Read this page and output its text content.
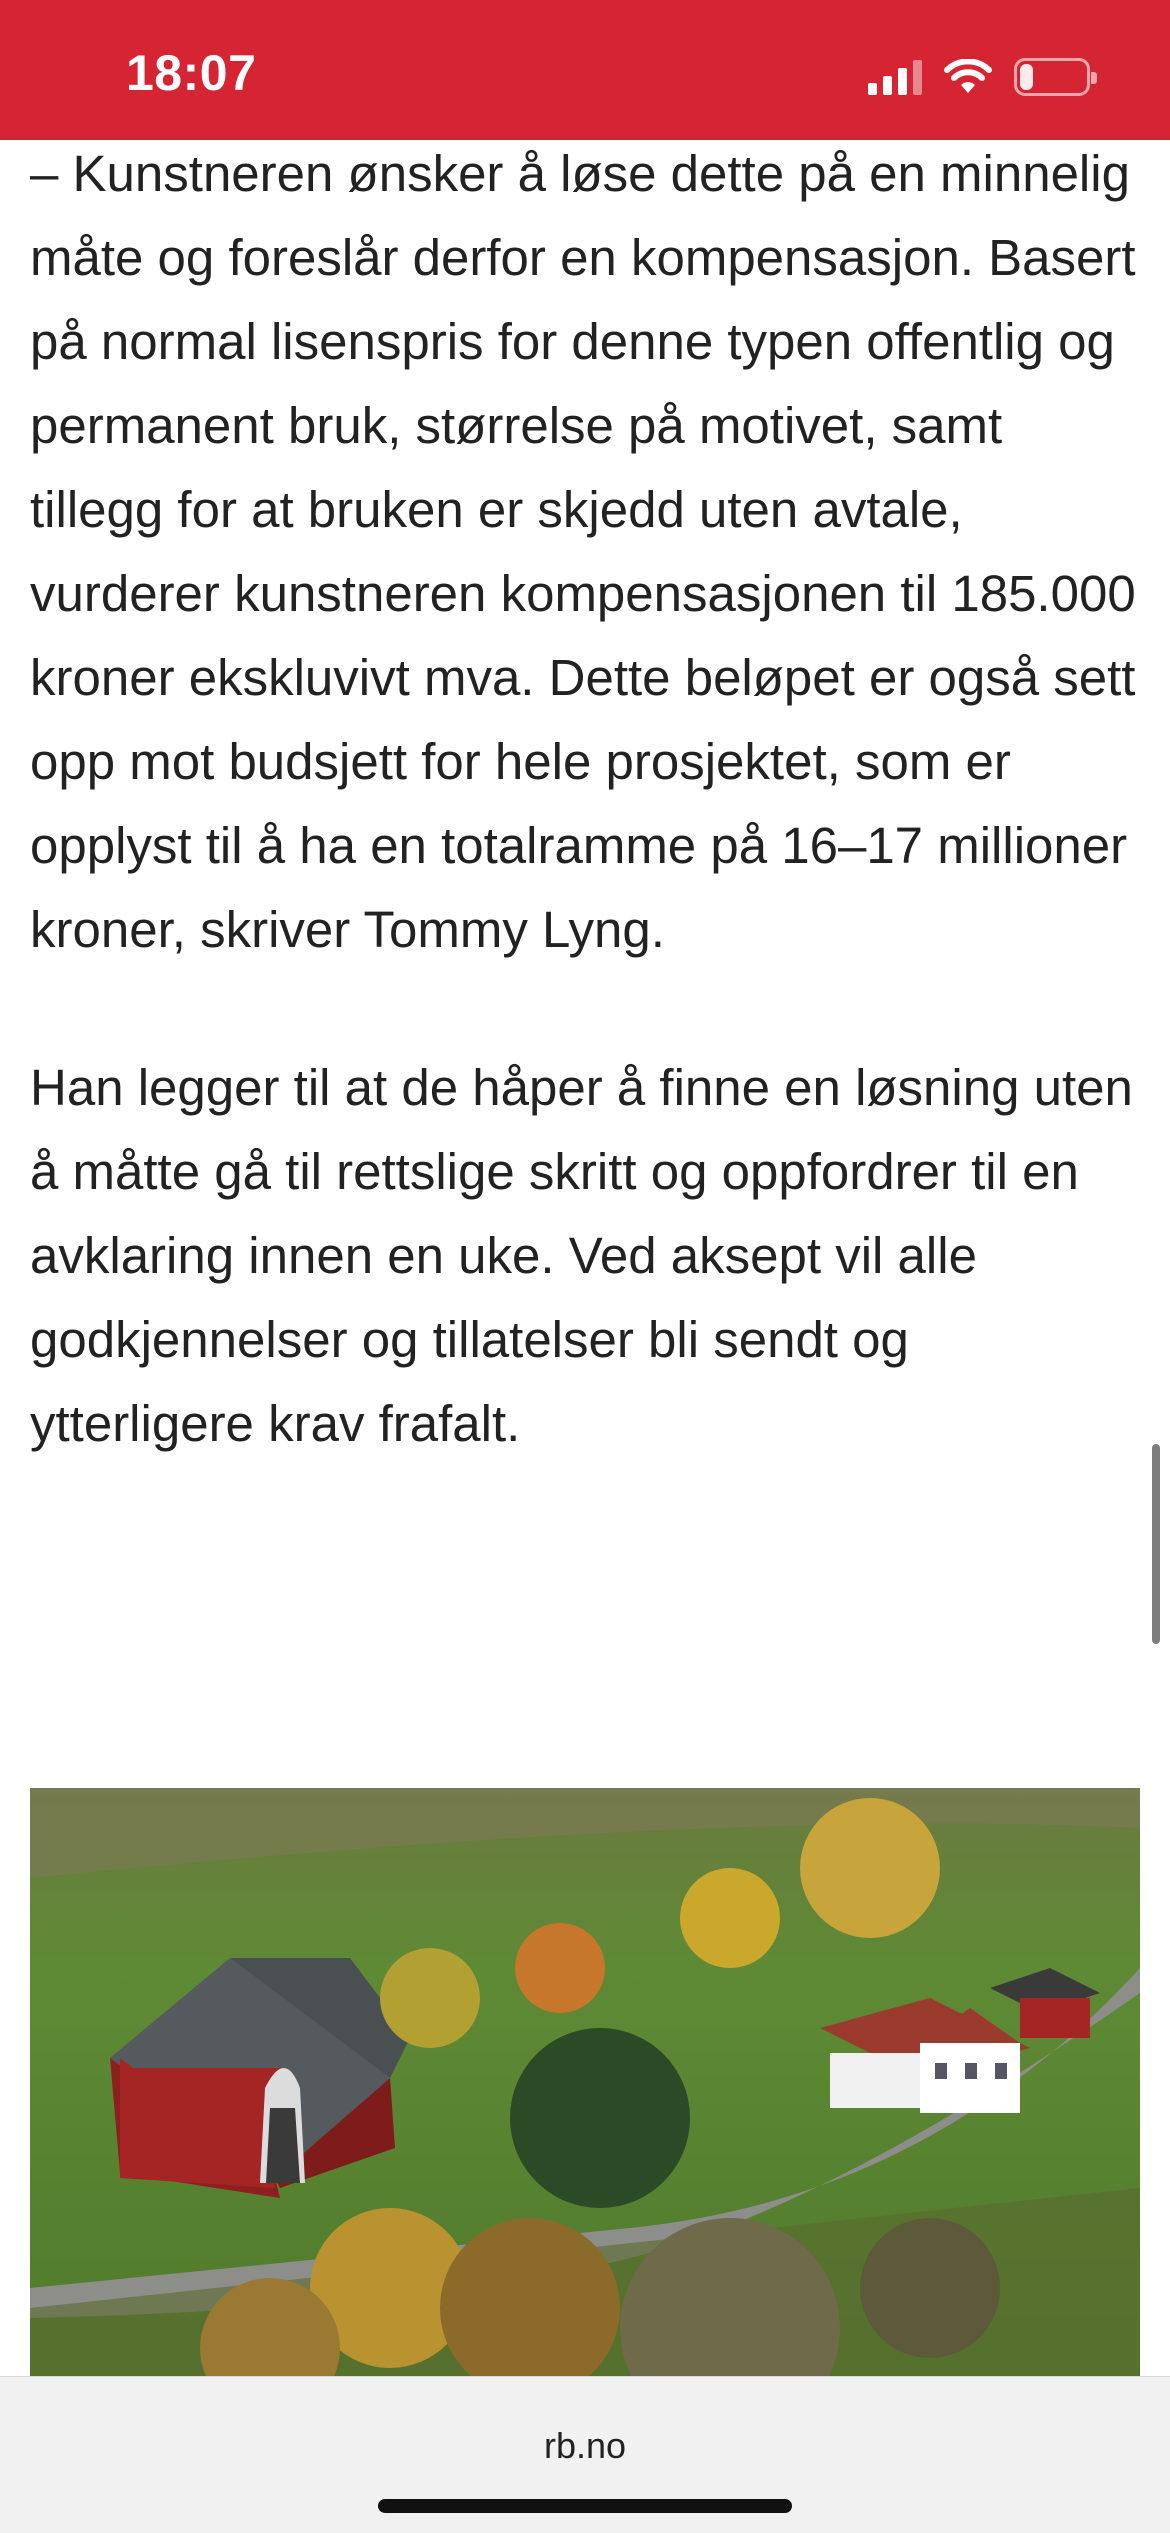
18:07	21

– Kunstneren ønsker å løse dette på en minnelig måte og foreslår derfor en kompensasjon. Basert på normal lisenspris for denne typen offentlig og permanent bruk, størrelse på motivet, samt tillegg for at bruken er skjedd uten avtale, vurderer kunstneren kompensasjonen til 185.000 kroner ekskluvivt mva. Dette beløpet er også sett opp mot budsjett for hele prosjektet, som er opplyst til å ha en totalramme på 16–17 millioner kroner, skriver Tommy Lyng.

Han legger til at de håper å finne en løsning uten å måtte gå til rettslige skritt og oppfordrer til en avklaring innen en uke. Ved aksept vil alle godkjennelser og tillatelser bli sendt og ytterligere krav frafalt.

rb.no
